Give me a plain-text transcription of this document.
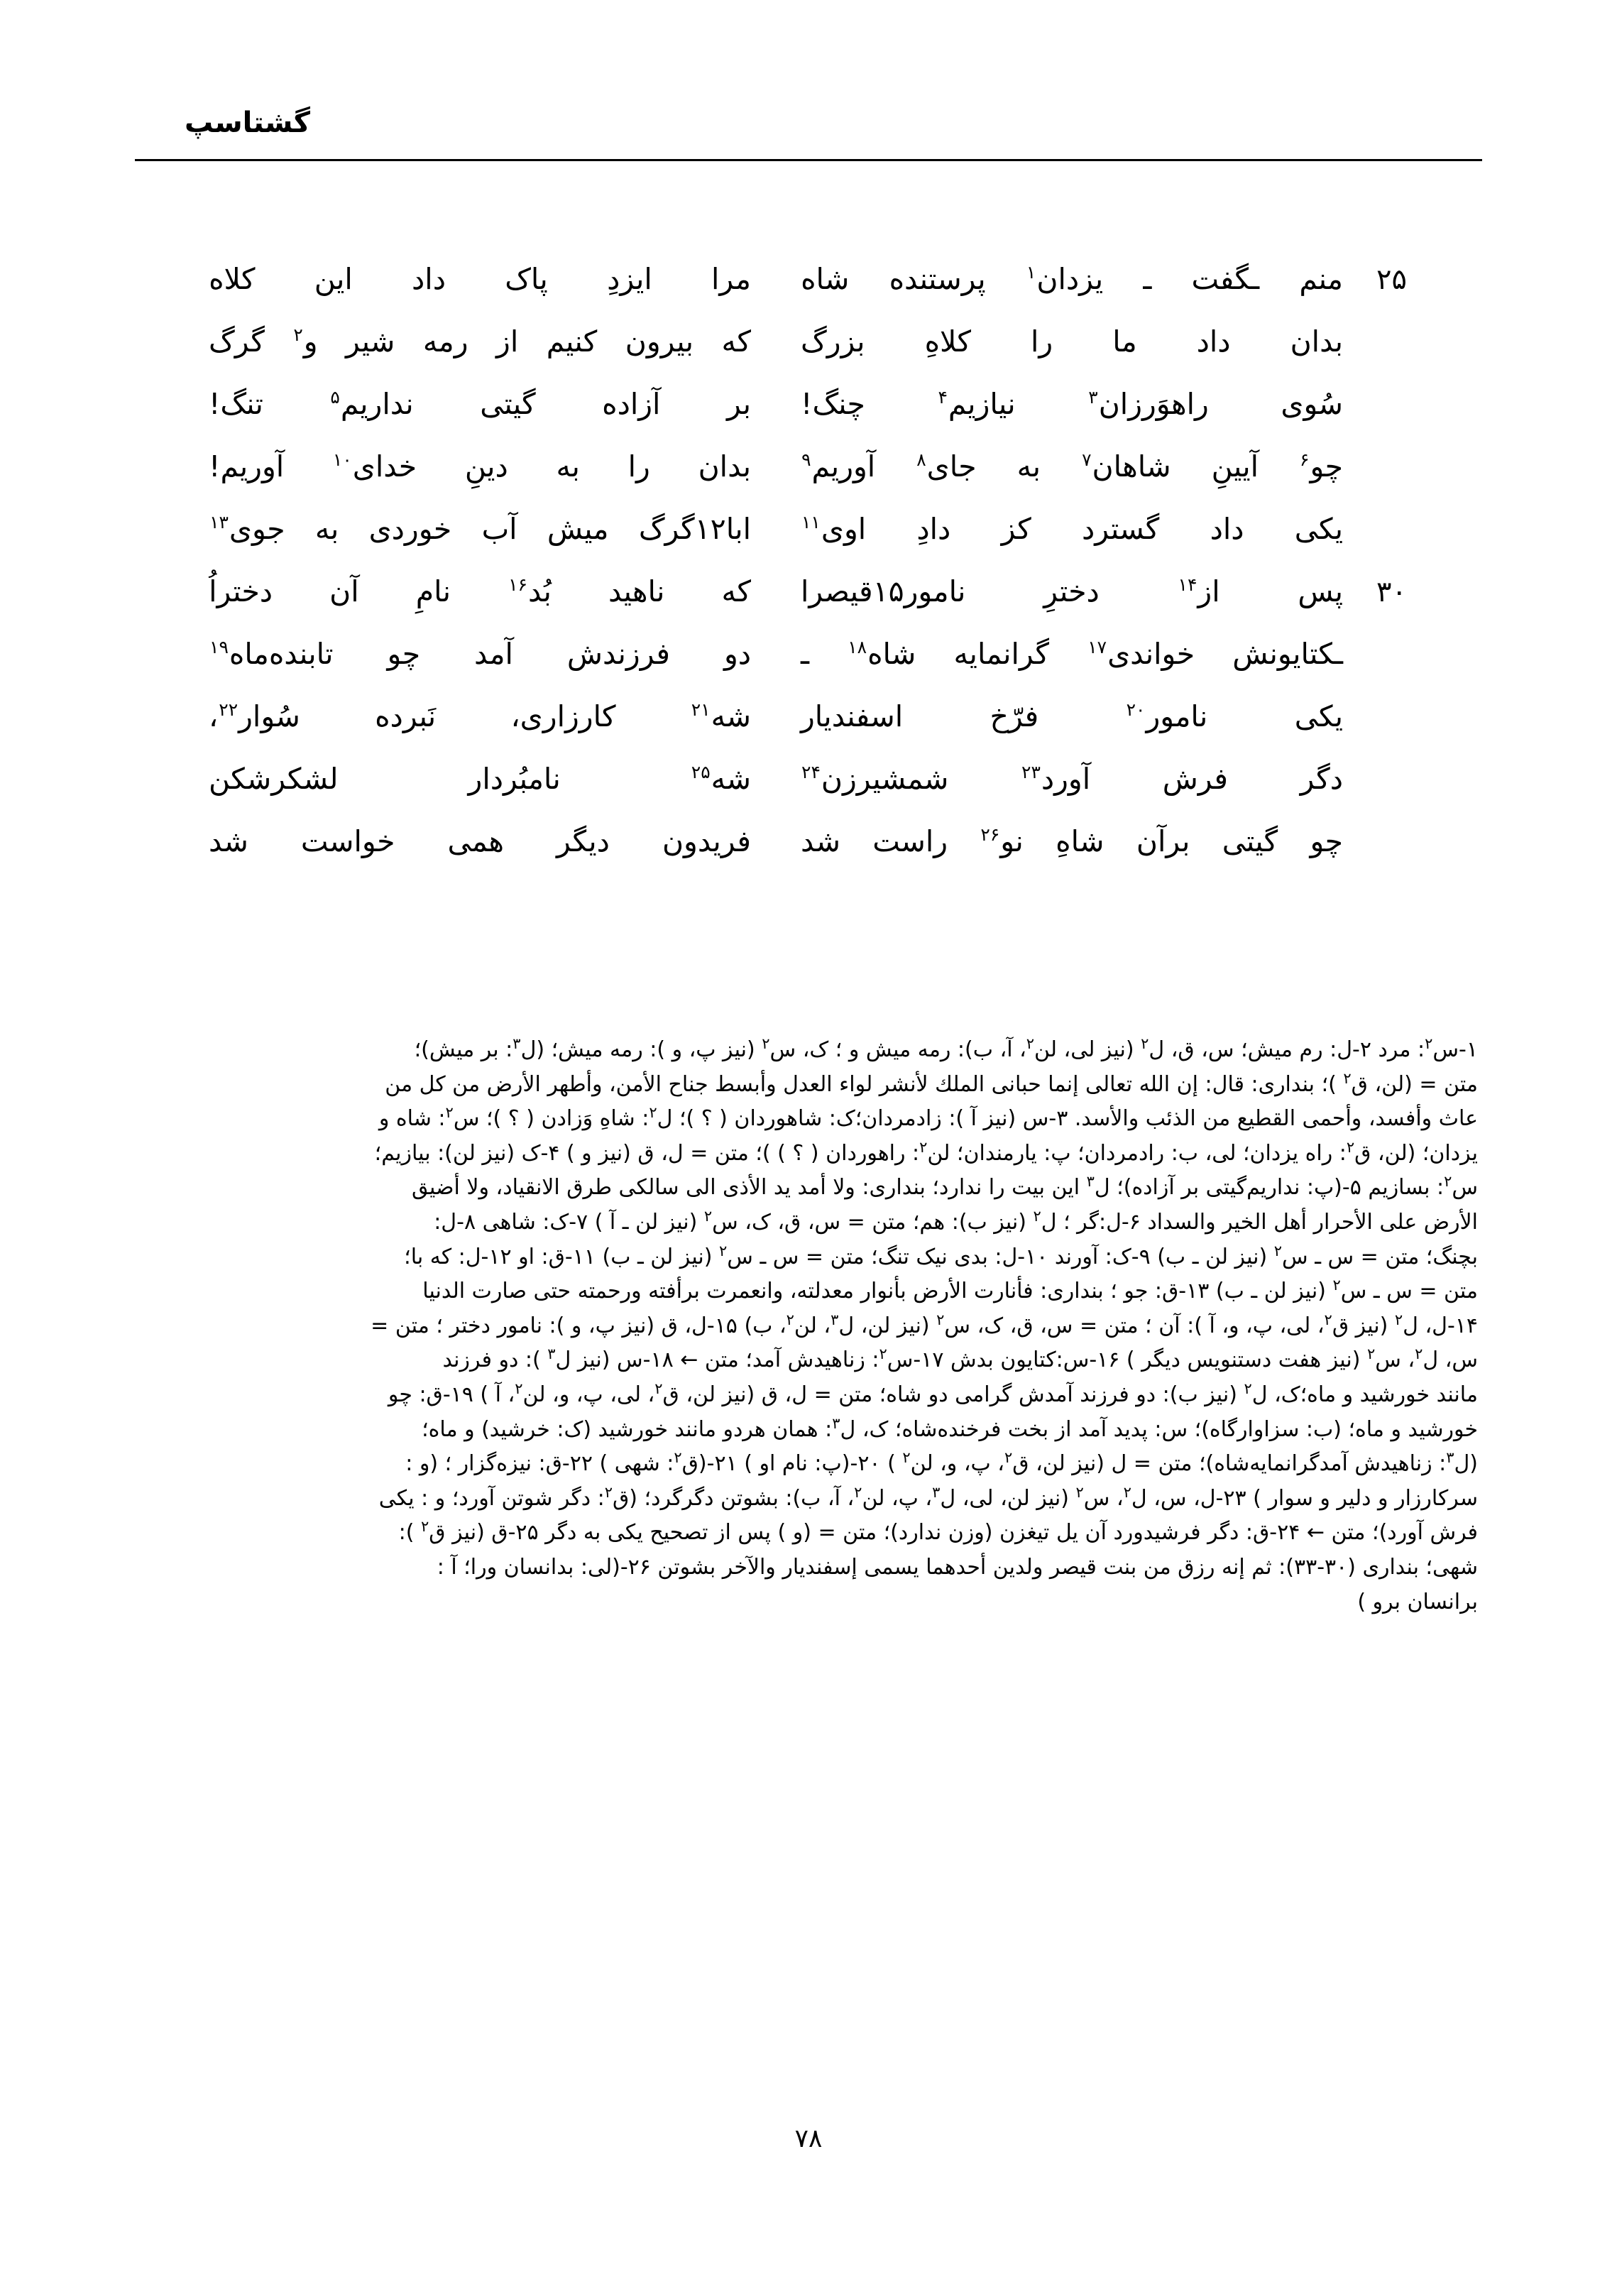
گشتاسپ
۲۵
منم
ـگفت
ـ
یزدان$^۱$
پرستنده
شاه
مرا
ایزدِ
پاک
داد
این
کلاه
بدان
داد
ما
را
کلاهِ
بزرگ
که
بیرون
کنیم
از
رمه
شیر
و$^۲$
گرگ
سُوی
راهوَرزان$^۳$
نیازیم$^۴$
چنگ!
بر
آزاده
گیتی
نداریم$^۵$
تنگ!
چو$^۶$
آیینِ
شاهان$^۷$
به
جای$^۸$
آوریم$^۹$
بدان
را
به
دینِ
خدای$^{۱۰}$
آوریم!
یکی
داد
گسترد
کز
دادِ
اوی$^{۱۱}$
ابا۱۲گرگ
میش
آب
خوردی
به
جوی$^{۱۳}$
۳۰
پس
از$^{۱۴}$
دخترِ
نامور۱۵قیصرا
که
ناهید
بُد$^{۱۶}$
نامِ
آن
دختراُ
ـکتایونش
خواندی$^{۱۷}$
گرانمایه
شاه$^{۱۸}$
ـ
دو
فرزندش
آمد
چو
تابنده‌ماه$^{۱۹}$
یکی
نامور$^{۲۰}$
فرّخ
اسفندیار
شه$^{۲۱}$
کارزاری،
نَبرده
سُوار$^{۲۲}$،
دگر
فرش
آورد$^{۲۳}$
شمشیرزن$^{۲۴}$
شه$^{۲۵}$
نامبُردار
لشکرشکن
چو
گیتی
برآن
شاهِ
نو$^{۲۶}$
راست
شد
فریدون
دیگر
همی
خواست
شد

۱-س$^۲$: مرد ۲-ل: رم میش؛ س، ق، ل$^۲$ (نیز لی، لن$^۲$، آ، ب): رمه میش و ؛ ک، س$^۲$ (نیز پ، و ): رمه میش؛ (ل$^۳$: بر میش)؛

متن = (لن، ق$^۲$ )؛ بنداری: قال: إن الله تعالى إنما حبانى الملك لأنشر لواء العدل وأبسط جناح الأمن، وأطهر الأرض من كل من

عاث وأفسد، وأحمى القطيع من الذئب والأسد. ۳-س (نیز آ ): زادمردان؛ک: شاهوردان ( ؟ )؛ ل$^۲$: شاهِ وَزادن ( ؟ )؛ س$^۲$: شاه و

یزدان؛ (لن، ق$^۲$: راه یزدان؛ لی، ب: رادمردان؛ پ: یارمندان؛ لن$^۲$: راهوردان ( ؟ ) )؛ متن = ل، ق (نیز و ) ۴-ک (نیز لن): بیازیم؛

س$^۲$: بسازیم ۵-(پ: نداریم‌گیتی بر آزاده)؛ ل$^۳$ این بیت را ندارد؛ بنداری: ولا أمد ید الأذى الى سالكى طرق الانقیاد، ولا أضیق

الأرض على الأحرار أهل الخیر والسداد ۶-ل:گر ؛ ل$^۲$ (نیز ب): هم؛ متن = س، ق، ک، س$^۲$ (نیز لن ـ آ ) ۷-ک: شاهی ۸-ل:

بچنگ؛ متن = س ـ س$^۲$ (نیز لن ـ ب) ۹-ک: آورند ۱۰-ل: بدى نیک تنگ؛ متن = س ـ س$^۲$ (نیز لن ـ ب) ۱۱-ق: او ۱۲-ل: که با؛

متن = س ـ س$^۲$ (نیز لن ـ ب) ۱۳-ق: جو ؛ بنداری: فأنارت الأرض بأنوار معدلته، وانعمرت برأفته ورحمته حتى صارت الدنیا

۱۴-ل، ل$^۲$ (نیز ق$^۲$، لی، پ، و، آ ): آن ؛ متن = س، ق، ک، س$^۲$ (نیز لن، ل$^۳$، لن$^۲$، ب) ۱۵-ل، ق (نیز پ، و ): نامور دختر ؛ متن =

س، ل$^۲$، س$^۲$ (نیز هفت دستنویس دیگر ) ۱۶-س:کتایون بدش ۱۷-س$^۲$: زناهیدش آمد؛ متن ← ۱۸-س (نیز ل$^۳$ ): دو فرزند

مانند خورشید و ماه؛ک، ل$^۲$ (نیز ب): دو فرزند آمدش گرامی دو شاه؛ متن = ل، ق (نیز لن، ق$^۲$، لی، پ، و، لن$^۲$، آ ) ۱۹-ق: چو

خورشید و ماه؛ (ب: سزاوارگاه)؛ س: پدید آمد از بخت فرخنده‌شاه؛ ک، ل$^۳$: همان هردو مانند خورشید (ک: خرشید) و ماه؛

(ل$^۳$: زناهیدش آمدگرانمایه‌شاه)؛ متن = ل (نیز لن، ق$^۲$، پ، و، لن$^۲$ ) ۲۰-(پ: نام او ) ۲۱-(ق$^۲$: شهی ) ۲۲-ق: نیزه‌گزار ؛ (و :

سرکارزار و دلیر و سوار ) ۲۳-ل، س، ل$^۲$، س$^۲$ (نیز لن، لی، ل$^۳$، پ، لن$^۲$، آ، ب): بشوتن دگرگرد؛ (ق$^۲$: دگر شوتن آورد؛ و : یکی

فرش آورد)؛ متن ← ۲۴-ق: دگر فرشیدورد آن یل تیغزن (وزن ندارد)؛ متن = (و ) پس از تصحیح یکی به دگر ۲۵-ق (نیز ق$^۲$ ):

شهی؛ بنداری (۳۰-۳۳): ثم إنه رزق من بنت قیصر ولدین أحدهما یسمى إسفندیار والآخر بشوتن ۲۶-(لی: بدانسان ورا؛ آ :

برانسان برو )

۷۸
